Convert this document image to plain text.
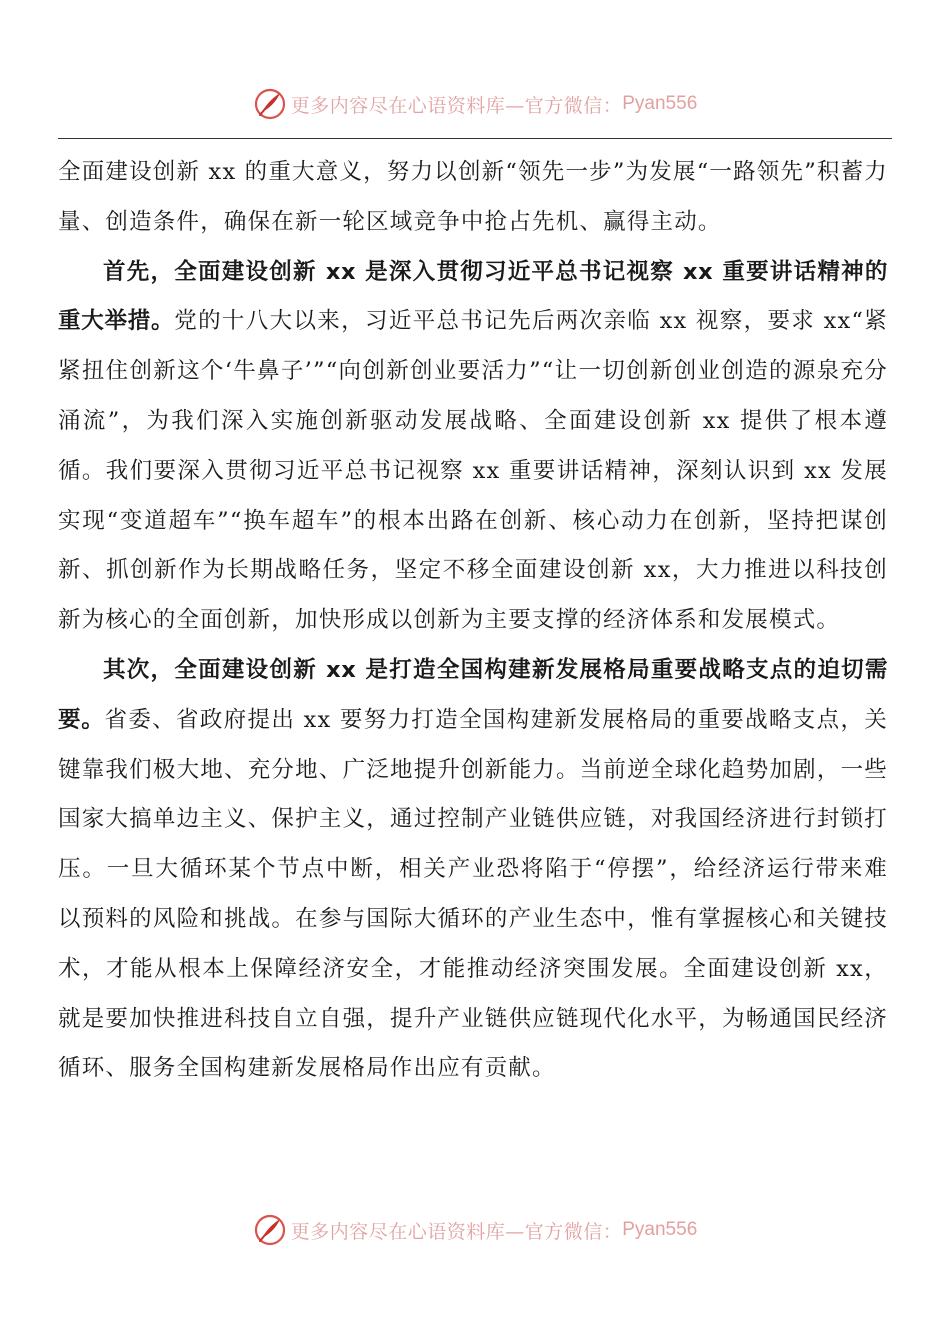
更多内容尽在心语资料库—官方微信： Pyan556

全面建设创新 xx 的重大意义，努力以创新“领先一步”为发展“一路领先”积蓄力量、创造条件，确保在新一轮区域竞争中抢占先机、赢得主动。

首先，全面建设创新 xx 是深入贯彻习近平总书记视察 xx 重要讲话精神的重大举措。党的十八大以来，习近平总书记先后两次亲临 xx 视察，要求 xx“紧紧扭住创新这个‘牛鼻子’”“向创新创业要活力”“让一切创新创业创造的源泉充分涌流”，为我们深入实施创新驱动发展战略、全面建设创新 xx 提供了根本遵循。我们要深入贯彻习近平总书记视察 xx 重要讲话精神，深刻认识到 xx 发展实现“变道超车”“换车超车”的根本出路在创新、核心动力在创新，坚持把谋创新、抓创新作为长期战略任务，坚定不移全面建设创新 xx，大力推进以科技创新为核心的全面创新，加快形成以创新为主要支撑的经济体系和发展模式。

其次，全面建设创新 xx 是打造全国构建新发展格局重要战略支点的迫切需要。省委、省政府提出 xx 要努力打造全国构建新发展格局的重要战略支点，关键靠我们极大地、充分地、广泛地提升创新能力。当前逆全球化趋势加剧，一些国家大搞单边主义、保护主义，通过控制产业链供应链，对我国经济进行封锁打压。一旦大循环某个节点中断，相关产业恐将陷于“停摆”，给经济运行带来难以预料的风险和挑战。在参与国际大循环的产业生态中，惟有掌握核心和关键技术，才能从根本上保障经济安全，才能推动经济突围发展。全面建设创新 xx，就是要加快推进科技自立自强，提升产业链供应链现代化水平，为畅通国民经济循环、服务全国构建新发展格局作出应有贡献。

更多内容尽在心语资料库—官方微信： Pyan556
